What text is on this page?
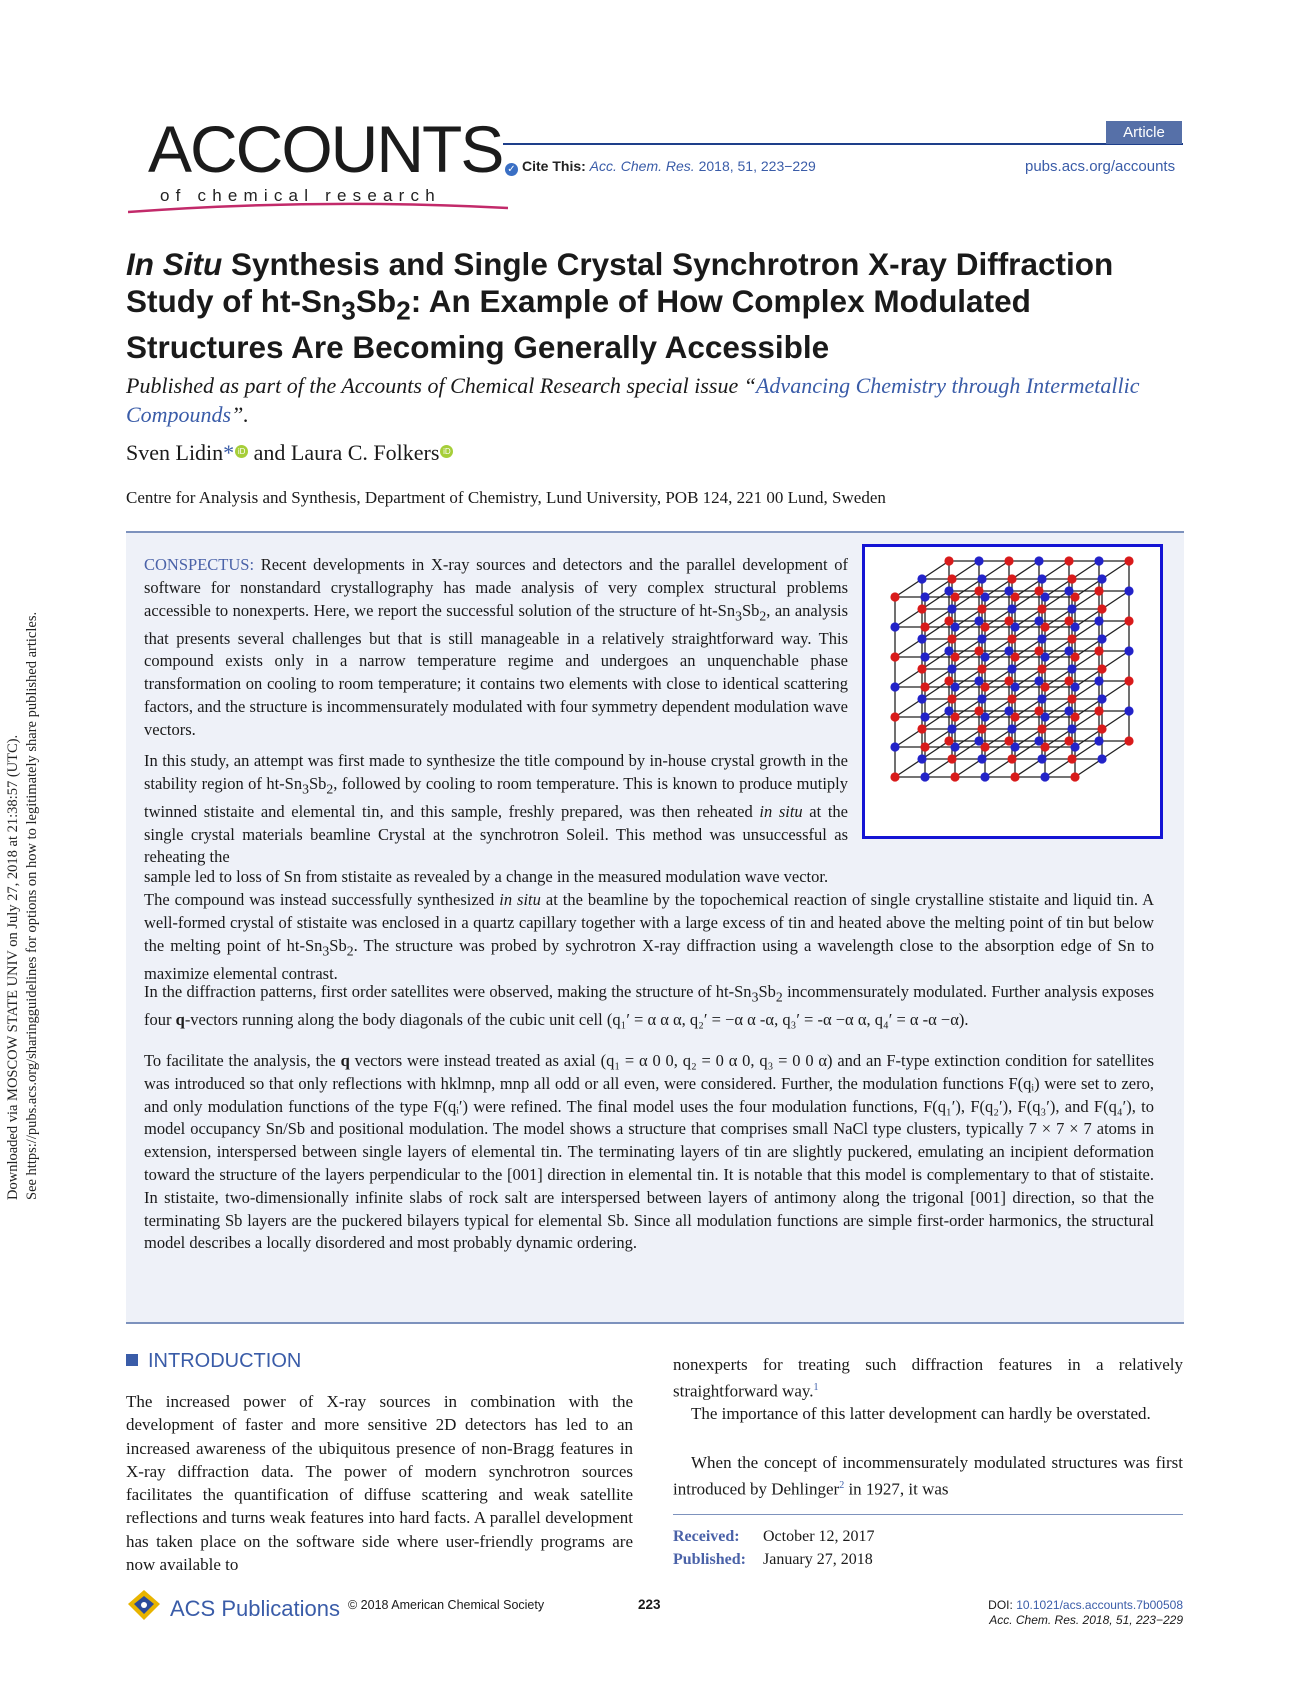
Downloaded via MOSCOW STATE UNIV on July 27, 2018 at 21:38:57 (UTC). See https://pubs.acs.org/sharingguidelines for options on how to legitimately share published articles.
ACCOUNTS
of chemical research
Article
✓ Cite This: Acc. Chem. Res. 2018, 51, 223−229	pubs.acs.org/accounts
In Situ Synthesis and Single Crystal Synchrotron X-ray Diffraction Study of $ht-Sn_3Sb_2$: An Example of How Complex Modulated Structures Are Becoming Generally Accessible
Published as part of the Accounts of Chemical Research special issue “Advancing Chemistry through Intermetallic Compounds”.
Sven Lidin* iD and Laura C. Folkers iD
Centre for Analysis and Synthesis, Department of Chemistry, Lund University, POB 124, 221 00 Lund, Sweden

CONSPECTUS: Recent developments in X-ray sources and detectors and the parallel development of software for nonstandard crystallography has made analysis of very complex structural problems accessible to nonexperts. Here, we report the successful solution of the structure of $ht-Sn_3Sb_2$, an analysis that presents several challenges but that is still manageable in a relatively straightforward way. This compound exists only in a narrow temperature regime and undergoes an unquenchable phase transformation on cooling to room temperature; it contains two elements with close to identical scattering factors, and the structure is incommensurately modulated with four symmetry dependent modulation wave vectors.

In this study, an attempt was first made to synthesize the title compound by in-house crystal growth in the stability region of $ht-Sn_3Sb_2$, followed by cooling to room temperature. This is known to produce mutiply twinned stistaite and elemental tin, and this sample, freshly prepared, was then reheated in situ at the single crystal materials beamline Crystal at the synchrotron Soleil. This method was unsuccessful as reheating the

sample led to loss of Sn from stistaite as revealed by a change in the measured modulation wave vector.

The compound was instead successfully synthesized in situ at the beamline by the topochemical reaction of single crystalline stistaite and liquid tin. A well-formed crystal of stistaite was enclosed in a quartz capillary together with a large excess of tin and heated above the melting point of tin but below the melting point of $ht-Sn_3Sb_2$. The structure was probed by sychrotron X-ray diffraction using a wavelength close to the absorption edge of Sn to maximize elemental contrast.

In the diffraction patterns, first order satellites were observed, making the structure of $ht-Sn_3Sb_2$ incommensurately modulated. Further analysis exposes four q-vectors running along the body diagonals of the cubic unit cell (q₁′ = α α α, q₂′ = −α α -α, q₃′ = -α −α α, q₄′ = α -α −α).

To facilitate the analysis, the q vectors were instead treated as axial (q₁ = α 0 0, q₂ = 0 α 0, q₃ = 0 0 α) and an F-type extinction condition for satellites was introduced so that only reflections with hklmnp, mnp all odd or all even, were considered. Further, the modulation functions F(qᵢ) were set to zero, and only modulation functions of the type F(qᵢ′) were refined. The final model uses the four modulation functions, F(q₁′), F(q₂′), F(q₃′), and F(q₄′), to model occupancy Sn/Sb and positional modulation. The model shows a structure that comprises small NaCl type clusters, typically 7 × 7 × 7 atoms in extension, interspersed between single layers of elemental tin. The terminating layers of tin are slightly puckered, emulating an incipient deformation toward the structure of the layers perpendicular to the [001] direction in elemental tin. It is notable that this model is complementary to that of stistaite. In stistaite, two-dimensionally infinite slabs of rock salt are interspersed between layers of antimony along the trigonal [001] direction, so that the terminating Sb layers are the puckered bilayers typical for elemental Sb. Since all modulation functions are simple first-order harmonics, the structural model describes a locally disordered and most probably dynamic ordering.

INTRODUCTION

The increased power of X-ray sources in combination with the development of faster and more sensitive 2D detectors has led to an increased awareness of the ubiquitous presence of non-Bragg features in X-ray diffraction data. The power of modern synchrotron sources facilitates the quantification of diffuse scattering and weak satellite reflections and turns weak features into hard facts. A parallel development has taken place on the software side where user-friendly programs are now available to

nonexperts for treating such diffraction features in a relatively straightforward way.$^1$

The importance of this latter development can hardly be overstated.

When the concept of incommensurately modulated structures was first introduced by Dehlinger$^2$ in 1927, it was

Received: October 12, 2017
Published: January 27, 2018
ACS Publications © 2018 American Chemical Society	223	DOI: 10.1021/acs.accounts.7b00508
Acc. Chem. Res. 2018, 51, 223−229
